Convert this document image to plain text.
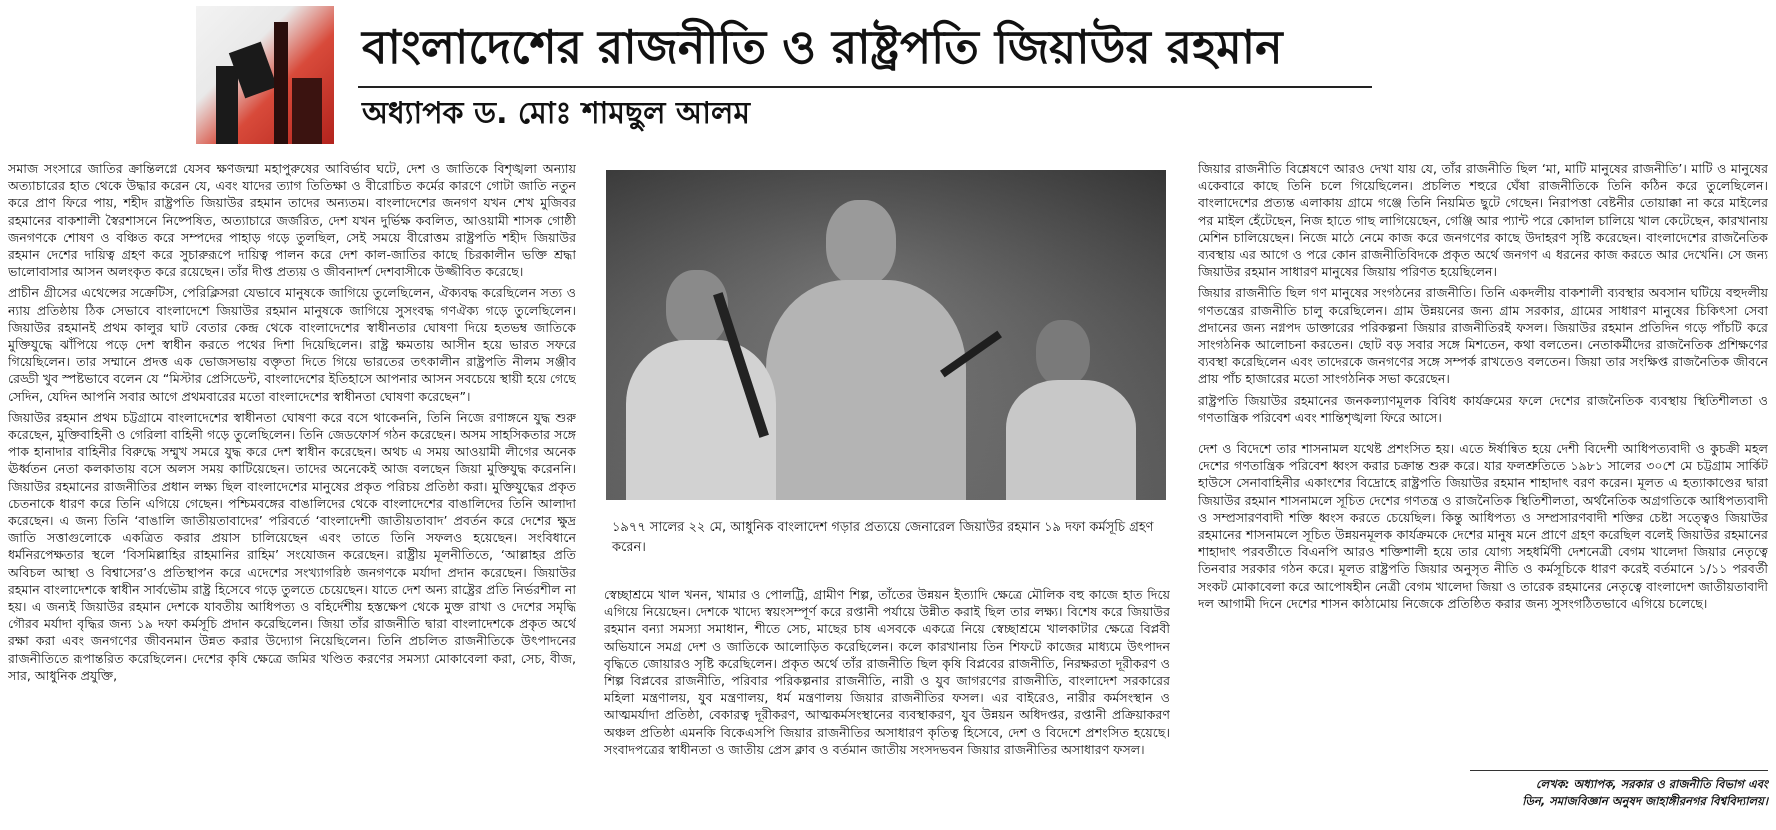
বাংলাদেশের রাজনীতি ও রাষ্ট্রপতি জিয়াউর রহমান
অধ্যাপক ড. মোঃ শামছুল আলম

সমাজ সংসারে জাতির ক্রান্তিলগ্নে যেসব ক্ষণজন্মা মহাপুরুষের আবির্ভাব ঘটে, দেশ ও জাতিকে বিশৃঙ্খলা অন্যায় অত্যাচারের হাত থেকে উদ্ধার করেন যে, এবং যাদের ত্যাগ তিতিক্ষা ও বীরোচিত কর্মের কারণে গোটা জাতি নতুন করে প্রাণ ফিরে পায়, শহীদ রাষ্ট্রপতি জিয়াউর রহমান তাদের অন্যতম। বাংলাদেশের জনগণ যখন শেখ মুজিবর রহমানের বাকশালী স্বৈরশাসনে নিষ্পেষিত, অত্যাচারে জর্জরিত, দেশ যখন দুর্ভিক্ষ কবলিত, আওয়ামী শাসক গোষ্ঠী জনগণকে শোষণ ও বঞ্চিত করে সম্পদের পাহাড় গড়ে তুলছিল, সেই সময়ে বীরোত্তম রাষ্ট্রপতি শহীদ জিয়াউর রহমান দেশের দায়িত্ব গ্রহণ করে সুচারুরূপে দায়িত্ব পালন করে দেশ কাল-জাতির কাছে চিরকালীন ভক্তি শ্রদ্ধা ভালোবাসার আসন অলংকৃত করে রয়েছেন। তাঁর দীপ্ত প্রত্যয় ও জীবনাদর্শ দেশবাসীকে উজ্জীবিত করেছে।

প্রাচীন গ্রীসের এথেন্সের সক্রেটিস, পেরিক্লিসরা যেভাবে মানুষকে জাগিয়ে তুলেছিলেন, ঐক্যবদ্ধ করেছিলেন সত্য ও ন্যায় প্রতিষ্ঠায় ঠিক সেভাবে বাংলাদেশে জিয়াউর রহমান মানুষকে জাগিয়ে সুসংবদ্ধ গণঐক্য গড়ে তুলেছিলেন। জিয়াউর রহমানই প্রথম কালুর ঘাট বেতার কেন্দ্র থেকে বাংলাদেশের স্বাধীনতার ঘোষণা দিয়ে হতভম্ব জাতিকে মুক্তিযুদ্ধে ঝাঁপিয়ে পড়ে দেশ স্বাধীন করতে পথের দিশা দিয়েছিলেন। রাষ্ট্র ক্ষমতায় আসীন হয়ে ভারত সফরে গিয়েছিলেন। তার সম্মানে প্রদত্ত এক ভোজসভায় বক্তৃতা দিতে গিয়ে ভারতের তৎকালীন রাষ্ট্রপতি নীলম সঞ্জীব রেড্ডী খুব স্পষ্টভাবে বলেন যে “মিস্টার প্রেসিডেন্ট, বাংলাদেশের ইতিহাসে আপনার আসন সবচেয়ে স্থায়ী হয়ে গেছে সেদিন, যেদিন আপনি সবার আগে প্রথমবারের মতো বাংলাদেশের স্বাধীনতা ঘোষণা করেছেন”।

জিয়াউর রহমান প্রথম চট্টগ্রামে বাংলাদেশের স্বাধীনতা ঘোষণা করে বসে থাকেননি, তিনি নিজে রণাঙ্গনে যুদ্ধ শুরু করেছেন, মুক্তিবাহিনী ও গেরিলা বাহিনী গড়ে তুলেছিলেন। তিনি জেডফোর্স গঠন করেছেন। অসম সাহসিকতার সঙ্গে পাক হানাদার বাহিনীর বিরুদ্ধে সম্মুখ সমরে যুদ্ধ করে দেশ স্বাধীন করেছেন। অথচ এ সময় আওয়ামী লীগের অনেক ঊর্ধ্বতন নেতা কলকাতায় বসে অলস সময় কাটিয়েছেন। তাদের অনেকেই আজ বলছেন জিয়া মুক্তিযুদ্ধ করেননি। জিয়াউর রহমানের রাজনীতির প্রধান লক্ষ্য ছিল বাংলাদেশের মানুষের প্রকৃত পরিচয় প্রতিষ্ঠা করা। মুক্তিযুদ্ধের প্রকৃত চেতনাকে ধারণ করে তিনি এগিয়ে গেছেন। পশ্চিমবঙ্গের বাঙালিদের থেকে বাংলাদেশের বাঙালিদের তিনি আলাদা করেছেন। এ জন্য তিনি ‘বাঙালি জাতীয়তাবাদের’ পরিবর্তে ‘বাংলাদেশী জাতীয়তাবাদ’ প্রবর্তন করে দেশের ক্ষুদ্র জাতি সত্তাগুলোকে একত্রিত করার প্রয়াস চালিয়েছেন এবং তাতে তিনি সফলও হয়েছেন। সংবিধানে ধর্মনিরপেক্ষতার স্থলে ‘বিসমিল্লাহির রাহমানির রাহিম’ সংযোজন করেছেন। রাষ্ট্রীয় মূলনীতিতে, ‘আল্লাহর প্রতি অবিচল আস্থা ও বিশ্বাসের’ও প্রতিস্থাপন করে এদেশের সংখ্যাগরিষ্ঠ জনগণকে মর্যাদা প্রদান করেছেন। জিয়াউর রহমান বাংলাদেশকে স্বাধীন সার্বভৌম রাষ্ট্র হিসেবে গড়ে তুলতে চেয়েছেন। যাতে দেশ অন্য রাষ্ট্রের প্রতি নির্ভরশীল না হয়। এ জন্যই জিয়াউর রহমান দেশকে যাবতীয় আধিপত্য ও বহির্দেশীয় হস্তক্ষেপ থেকে মুক্ত রাখা ও দেশের সমৃদ্ধি গৌরব মর্যাদা বৃদ্ধির জন্য ১৯ দফা কর্মসূচি প্রদান করেছিলেন। জিয়া তাঁর রাজনীতি দ্বারা বাংলাদেশকে প্রকৃত অর্থে রক্ষা করা এবং জনগণের জীবনমান উন্নত করার উদ্যোগ নিয়েছিলেন। তিনি প্রচলিত রাজনীতিকে উৎপাদনের রাজনীতিতে রূপান্তরিত করেছিলেন। দেশের কৃষি ক্ষেত্রে জমির খণ্ডিত করণের সমস্যা মোকাবেলা করা, সেচ, বীজ, সার, আধুনিক প্রযুক্তি,

১৯৭৭ সালের ২২ মে, আধুনিক বাংলাদেশ গড়ার প্রত্যয়ে জেনারেল জিয়াউর রহমান ১৯ দফা কর্মসূচি গ্রহণ করেন।

স্বেচ্ছাশ্রমে খাল খনন, খামার ও পোলট্রি, গ্রামীণ শিল্প, তাঁতের উন্নয়ন ইত্যাদি ক্ষেত্রে মৌলিক বহু কাজে হাত দিয়ে এগিয়ে নিয়েছেন। দেশকে খাদ্যে স্বয়ংসম্পূর্ণ করে রপ্তানী পর্যায়ে উন্নীত করাই ছিল তার লক্ষ্য। বিশেষ করে জিয়াউর রহমান বন্যা সমস্যা সমাধান, শীতে সেচ, মাছের চাষ এসবকে একত্রে নিয়ে স্বেচ্ছাশ্রমে খালকাটার ক্ষেত্রে বিপ্লবী অভিযানে সমগ্র দেশ ও জাতিকে আলোড়িত করেছিলেন। কলে কারখানায় তিন শিফটে কাজের মাধ্যমে উৎপাদন বৃদ্ধিতে জোয়ারও সৃষ্টি করেছিলেন। প্রকৃত অর্থে তাঁর রাজনীতি ছিল কৃষি বিপ্লবের রাজনীতি, নিরক্ষরতা দূরীকরণ ও শিল্প বিপ্লবের রাজনীতি, পরিবার পরিকল্পনার রাজনীতি, নারী ও যুব জাগরণের রাজনীতি, বাংলাদেশ সরকারের মহিলা মন্ত্রণালয়, যুব মন্ত্রণালয়, ধর্ম মন্ত্রণালয় জিয়ার রাজনীতির ফসল। এর বাইরেও, নারীর কর্মসংস্থান ও আত্মমর্যাদা প্রতিষ্ঠা, বেকারত্ব দূরীকরণ, আত্মকর্মসংস্থানের ব্যবস্থাকরণ, যুব উন্নয়ন অধিদপ্তর, রপ্তানী প্রক্রিয়াকরণ অঞ্চল প্রতিষ্ঠা এমনকি বিকেএসপি জিয়ার রাজনীতির অসাধারণ কৃতিত্ব হিসেবে, দেশ ও বিদেশে প্রশংসিত হয়েছে। সংবাদপত্রের স্বাধীনতা ও জাতীয় প্রেস ক্লাব ও বর্তমান জাতীয় সংসদভবন জিয়ার রাজনীতির অসাধারণ ফসল।

জিয়ার রাজনীতি বিশ্লেষণে আরও দেখা যায় যে, তাঁর রাজনীতি ছিল ‘মা, মাটি মানুষের রাজনীতি’। মাটি ও মানুষের একেবারে কাছে তিনি চলে গিয়েছিলেন। প্রচলিত শহুরে ঘেঁষা রাজনীতিকে তিনি কঠিন করে তুলেছিলেন। বাংলাদেশের প্রত্যন্ত এলাকায় গ্রামে গঞ্জে তিনি নিয়মিত ছুটে গেছেন। নিরাপত্তা বেষ্টনীর তোয়াক্কা না করে মাইলের পর মাইল হেঁটেছেন, নিজ হাতে গাছ লাগিয়েছেন, গেঞ্জি আর প্যান্ট পরে কোদাল চালিয়ে খাল কেটেছেন, কারখানায় মেশিন চালিয়েছেন। নিজে মাঠে নেমে কাজ করে জনগণের কাছে উদাহরণ সৃষ্টি করেছেন। বাংলাদেশের রাজনৈতিক ব্যবস্থায় এর আগে ও পরে কোন রাজনীতিবিদকে প্রকৃত অর্থে জনগণ এ ধরনের কাজ করতে আর দেখেনি। সে জন্য জিয়াউর রহমান সাধারণ মানুষের জিয়ায় পরিণত হয়েছিলেন।

জিয়ার রাজনীতি ছিল গণ মানুষের সংগঠনের রাজনীতি। তিনি একদলীয় বাকশালী ব্যবস্থার অবসান ঘটিয়ে বহুদলীয় গণতন্ত্রের রাজনীতি চালু করেছিলেন। গ্রাম উন্নয়নের জন্য গ্রাম সরকার, গ্রামের সাধারণ মানুষের চিকিৎসা সেবা প্রদানের জন্য নগ্নপদ ডাক্তারের পরিকল্পনা জিয়ার রাজনীতিরই ফসল। জিয়াউর রহমান প্রতিদিন গড়ে পাঁচটি করে সাংগঠনিক আলোচনা করতেন। ছোট বড় সবার সঙ্গে মিশতেন, কথা বলতেন। নেতাকর্মীদের রাজনৈতিক প্রশিক্ষণের ব্যবস্থা করেছিলেন এবং তাদেরকে জনগণের সঙ্গে সম্পর্ক রাখতেও বলতেন। জিয়া তার সংক্ষিপ্ত রাজনৈতিক জীবনে প্রায় পাঁচ হাজারের মতো সাংগঠনিক সভা করেছেন।

রাষ্ট্রপতি জিয়াউর রহমানের জনকল্যাণমূলক বিবিধ কার্যক্রমের ফলে দেশের রাজনৈতিক ব্যবস্থায় স্থিতিশীলতা ও গণতান্ত্রিক পরিবেশ এবং শান্তিশৃঙ্খলা ফিরে আসে।

দেশ ও বিদেশে তার শাসনামল যথেষ্ট প্রশংসিত হয়। এতে ঈর্ষান্বিত হয়ে দেশী বিদেশী আধিপত্যবাদী ও কুচক্রী মহল দেশের গণতান্ত্রিক পরিবেশ ধ্বংস করার চক্রান্ত শুরু করে। যার ফলশ্রুতিতে ১৯৮১ সালের ৩০শে মে চট্টগ্রাম সার্কিট হাউসে সেনাবাহিনীর একাংশের বিদ্রোহে রাষ্ট্রপতি জিয়াউর রহমান শাহাদাৎ বরণ করেন। মূলত এ হত্যাকাণ্ডের দ্বারা জিয়াউর রহমান শাসনামলে সূচিত দেশের গণতন্ত্র ও রাজনৈতিক স্থিতিশীলতা, অর্থনৈতিক অগ্রগতিকে আধিপত্যবাদী ও সম্প্রসারণবাদী শক্তি ধ্বংস করতে চেয়েছিল। কিন্তু আধিপত্য ও সম্প্রসারণবাদী শক্তির চেষ্টা সত্ত্বেও জিয়াউর রহমানের শাসনামলে সূচিত উন্নয়নমূলক কার্যক্রমকে দেশের মানুষ মনে প্রাণে গ্রহণ করেছিল বলেই জিয়াউর রহমানের শাহাদাৎ পরবর্তীতে বিএনপি আরও শক্তিশালী হয়ে তার যোগ্য সহধর্মিণী দেশনেত্রী বেগম খালেদা জিয়ার নেতৃত্বে তিনবার সরকার গঠন করে। মূলত রাষ্ট্রপতি জিয়ার অনুসৃত নীতি ও কর্মসূচিকে ধারণ করেই বর্তমানে ১/১১ পরবর্তী সংকট মোকাবেলা করে আপোষহীন নেত্রী বেগম খালেদা জিয়া ও তারেক রহমানের নেতৃত্বে বাংলাদেশ জাতীয়তাবাদী দল আগামী দিনে দেশের শাসন কাঠামোয় নিজেকে প্রতিষ্ঠিত করার জন্য সুসংগঠিতভাবে এগিয়ে চলেছে।

লেখক: অধ্যাপক, সরকার ও রাজনীতি বিভাগ এবং
ডিন, সমাজবিজ্ঞান অনুষদ জাহাঙ্গীরনগর বিশ্ববিদ্যালয়।
